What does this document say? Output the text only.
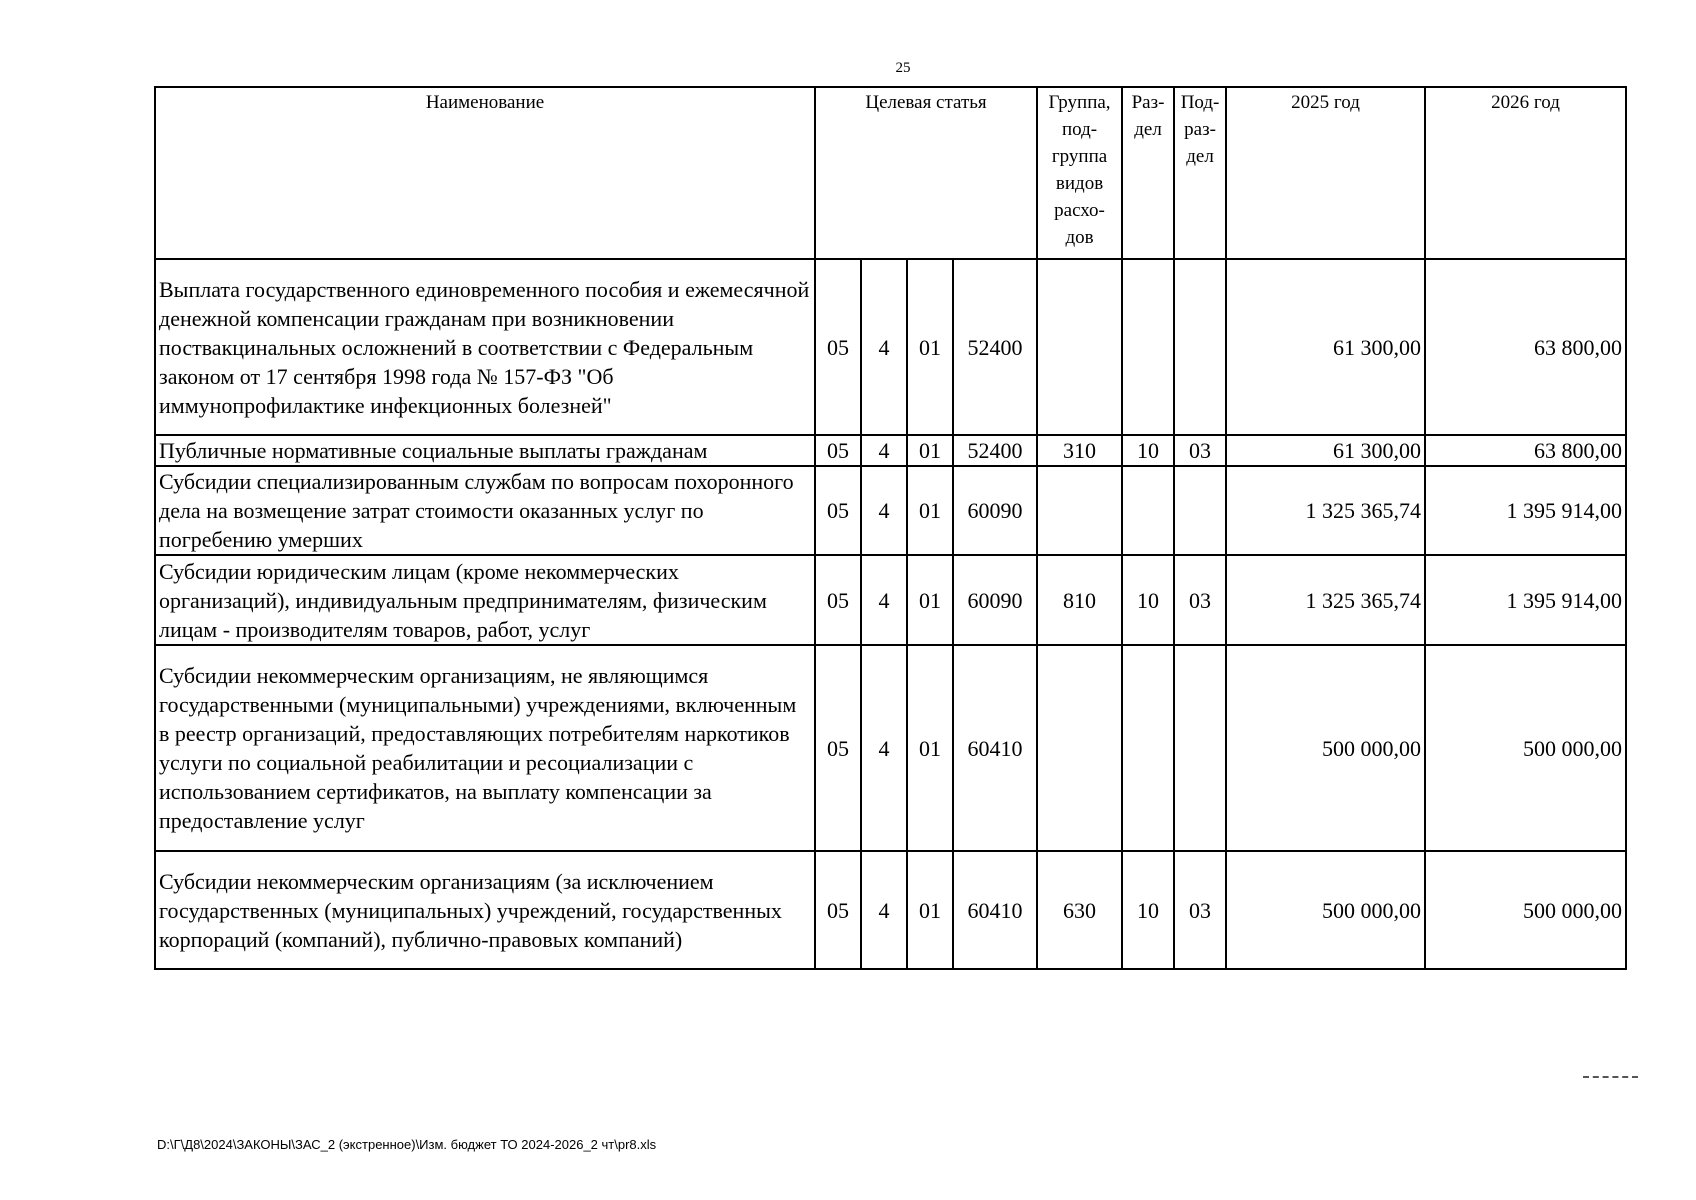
25
Наименование	Целевая статья				Группа, под-группа видов расхо-дов	Раз-дел	Под-раз-дел	2025 год	2026 год
Выплата государственного единовременного пособия и ежемесячной денежной компенсации гражданам при возникновении поствакцинальных осложнений в соответствии с Федеральным законом от 17 сентября 1998 года № 157-ФЗ "Об иммунопрофилактике инфекционных болезней"	05	4	01	52400				61 300,00	63 800,00
Публичные нормативные социальные выплаты гражданам	05	4	01	52400	310	10	03	61 300,00	63 800,00
Субсидии специализированным службам по вопросам похоронного дела на возмещение затрат стоимости оказанных услуг по погребению умерших	05	4	01	60090				1 325 365,74	1 395 914,00
Субсидии юридическим лицам (кроме некоммерческих организаций), индивидуальным предпринимателям, физическим лицам - производителям товаров, работ, услуг	05	4	01	60090	810	10	03	1 325 365,74	1 395 914,00
Субсидии некоммерческим организациям, не являющимся государственными (муниципальными) учреждениями, включенным в реестр организаций, предоставляющих потребителям наркотиков услуги по социальной реабилитации и ресоциализации с использованием сертификатов, на выплату компенсации за предоставление услуг	05	4	01	60410				500 000,00	500 000,00
Субсидии некоммерческим организациям (за исключением государственных (муниципальных) учреждений, государственных корпораций (компаний), публично-правовых компаний)	05	4	01	60410	630	10	03	500 000,00	500 000,00
D:\Г\Д8\2024\ЗАКОНЫ\ЗАС_2 (экстренное)\Изм. бюджет ТО 2024-2026_2 чт\pr8.xls
